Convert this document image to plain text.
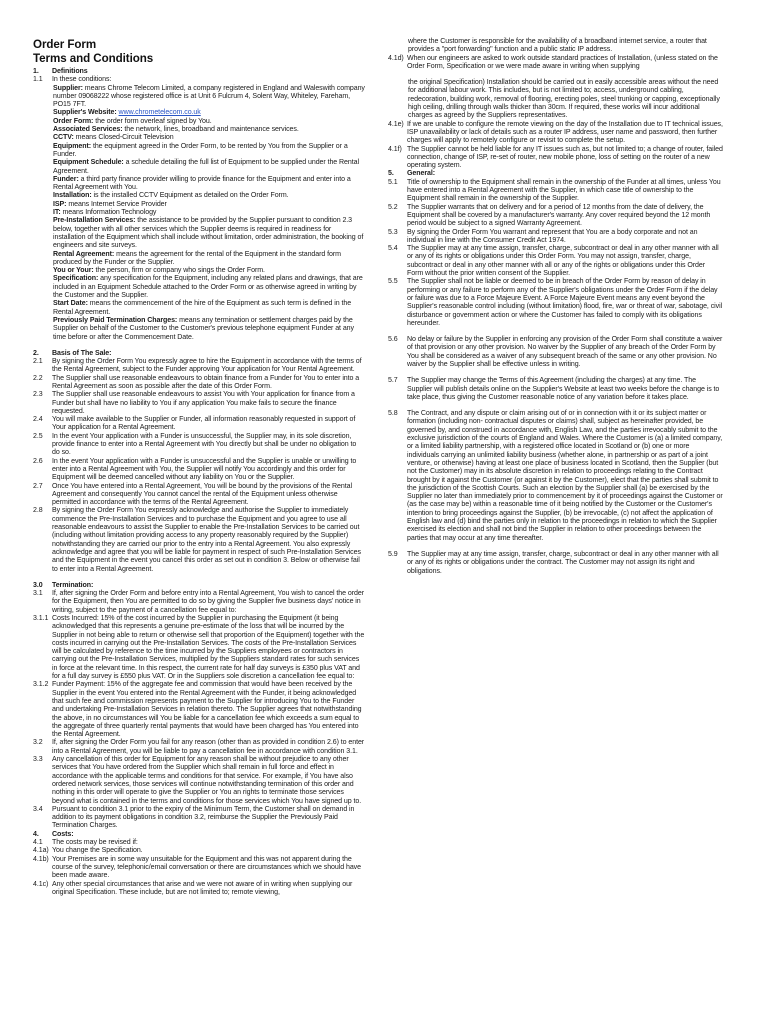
Order Form
Terms and Conditions
1.	Definitions
1.1	In these conditions:
Supplier: means Chrome Telecom Limited, a company registered in England and Waleswith company number 09068222 whose registered office is at Unit 6 Fulcrum 4, Solent Way, Whiteley, Fareham, PO15 7FT.
Supplier's Website: www.chrometelecom.co.uk
Order Form: the order form overleaf signed by You.
Associated Services: the network, lines, broadband and maintenance services.
CCTV: means Closed-Circuit Television
Equipment: the equipment agreed in the Order Form, to be rented by You from the Supplier or a Funder.
Equipment Schedule: a schedule detailing the full list of Equipment to be supplied under the Rental Agreement.
Funder: a third party finance provider willing to provide finance for the Equipment and enter into a Rental Agreement with You.
Installation: is the installed CCTV Equipment as detailed on the Order Form.
ISP: means Internet Service Provider
IT: means Information Technology
Pre-Installation Services: the assistance to be provided by the Supplier pursuant to condition 2.3 below, together with all other services which the Supplier deems is required in readiness for installation of the Equipment which shall include without limitation, order administration, the booking of engineers and site surveys.
Rental Agreement: means the agreement for the rental of the Equipment in the standard form produced by the Funder or the Supplier.
You or Your: the person, firm or company who sings the Order Form.
Specification: any specification for the Equipment, including any related plans and drawings, that are included in an Equipment Schedule attached to the Order Form or as otherwise agreed in writing by the Customer and the Supplier.
Start Date: means the commencement of the hire of the Equipment as such term is defined in the Rental Agreement.
Previously Paid Termination Charges: means any termination or settlement charges paid by the Supplier on behalf of the Customer to the Customer's previous telephone equipment Funder at any time before or after the Commencement Date.
2.	Basis of The Sale:
2.1	By signing the Order Form You expressly agree to hire the Equipment in accordance with the terms of the Rental Agreement, subject to the Funder approving Your application for Your Rental Agreement.
2.2	The Supplier shall use reasonable endeavours to obtain finance from a Funder for You to enter into a Rental Agreement as soon as possible after the date of this Order Form.
2.3	The Supplier shall use reasonable endeavours to assist You with Your application for finance from a Funder but shall have no liability to You if any application You make fails to secure the finance requested.
2.4	You will make available to the Supplier or Funder, all information reasonably requested in support of Your application for a Rental Agreement.
2.5	In the event Your application with a Funder is unsuccessful, the Supplier may, in its sole discretion, provide finance to enter into a Rental Agreement with You directly but shall be under no obligation to do so.
2.6	In the event Your application with a Funder is unsuccessful and the Supplier is unable or unwilling to enter into a Rental Agreement with You, the Supplier will notify You accordingly and this order for Equipment will be deemed cancelled without any liability on You or the Supplier.
2.7	Once You have entered into a Rental Agreement, You will be bound by the provisions of the Rental Agreement and consequently You cannot cancel the rental of the Equipment unless otherwise permitted in accordance with the terms of the Rental Agreement.
2.8	By signing the Order Form You expressly acknowledge and authorise the Supplier to immediately commence the Pre-Installation Services and to purchase the Equipment and you agree to use all reasonable endeavours to assist the Supplier to enable the Pre-Installation Services to be carried out (including without limitation providing access to any property reasonably required by the Supplier) notwithstanding they are carried our prior to the entry into a Rental Agreement. You also expressly acknowledge and agree that you will be liable for payment in respect of such Pre-Installation Services and the Equipment in the event you cancel this order as set out in condition 3. Below or otherwise fail to enter into a Rental Agreement.
3.0	Termination:
3.1	If, after signing the Order Form and before entry into a Rental Agreement, You wish to cancel the order for the Equipment, then You are permitted to do so by giving the Supplier five business days' notice in writing, subject to the payment of a cancellation fee equal to:
3.1.1 Costs Incurred: 15% of the cost incurred by the Supplier in purchasing the Equipment (it being acknowledged that this represents a genuine pre-estimate of the loss that will be incurred by the Supplier in not being able to return or otherwise sell that proportion of the Equipment) together with the costs incurred in carrying out the Pre-Installation Services. The costs of the Pre-Installation Services will be calculated by reference to the time incurred by the Suppliers employees or contractors in carrying out the Pre-Installation Services, multiplied by the Suppliers standard rates for such services in force at the relevant time. In this respect, the current rate for half day surveys is £350 plus VAT and for a full day survey is £550 plus VAT. Or in the Suppliers sole discretion a cancellation fee equal to:
3.1.2 Funder Payment: 15% of the aggregate fee and commission that would have been received by the Supplier in the event You entered into the Rental Agreement with the Funder, it being acknowledged that such fee and commission represents payment to the Supplier for introducing You to the Funder and undertaking Pre-Installation Services in relation thereto. The Supplier agrees that notwithstanding the above, in no circumstances will You be liable for a cancellation fee which exceeds a sum equal to the aggregate of three quarterly rental payments that would have been charged has You entered into the Rental Agreement.
3.2	If, after signing the Order Form you fail for any reason (other than as provided in condition 2.6) to enter into a Rental Agreement, you will be liable to pay a cancellation fee in accordance with condition 3.1.
3.3	Any cancellation of this order for Equipment for any reason shall be without prejudice to any other services that You have ordered from the Supplier which shall remain in full force and effect in accordance with the applicable terms and conditions for that service. For example, if You have also ordered network services, those services will continue notwithstanding termination of this order and nothing in this order will operate to give the Supplier or You an rights to terminate those services beyond what is contained in the terms and conditions for those services which You have signed up to.
3.4	Pursuant to condition 3.1 prior to the expiry of the Minimum Term, the Customer shall on demand in addition to its payment obligations in condition 3.2, reimburse the Supplier the Previously Paid Termination Charges.
4.	Costs:
4.1	The costs may be revised if:
4.1a) You change the Specification.
4.1b) Your Premises are in some way unsuitable for the Equipment and this was not apparent during the course of the survey, telephonic/email conversation or there are circumstances which we should have been made aware.
4.1c) Any other special circumstances that arise and we were not aware of in writing when supplying our original Specification. These include, but are not limited to; remote viewing,
where the Customer is responsible for the availability of a broadband internet service, a router that provides a "port forwarding" function and a public static IP address.
4.1d) When our engineers are asked to work outside standard practices of Installation, (unless stated on the Order Form, Specification or we were made aware in writing when supplying
the original Specification) Installation should be carried out in easily accessible areas without the need for additional labour work. This includes, but is not limited to; access, underground cabling, redecoration, building work, removal of flooring, erecting poles, steel trunking or capping, exceptionally high ceiling, drilling through walls thicker than 30cm. If required, these works will incur additional charges as agreed by the Suppliers representatives.
4.1e) If we are unable to configure the remote viewing on the day of the Installation due to IT technical issues, ISP unavailability or lack of details such as a router IP address, user name and password, then further charges will apply to remotely configure or revisit to complete the setup.
4.1f) The Supplier cannot be held liable for any IT issues such as, but not limited to; a change of router, failed connection, change of ISP, re-set of router, new mobile phone, loss of setting on the router of a new operating system.
5.	General:
5.1	Title of ownership to the Equipment shall remain in the ownership of the Funder at all times, unless You have entered into a Rental Agreement with the Supplier, in which case title of ownership to the Equipment shall remain in the ownership of the Supplier.
5.2	The Supplier warrants that on delivery and for a period of 12 months from the date of delivery, the Equipment shall be covered by a manufacturer's warranty. Any cover required beyond the 12 month period would be subject to a signed Warranty Agreement.
5.3	By signing the Order Form You warrant and represent that You are a body corporate and not an individual in line with the Consumer Credit Act 1974.
5.4	The Supplier may at any time assign, transfer, charge, subcontract or deal in any other manner with all or any of its rights or obligations under this Order Form. You may not assign, transfer, charge, subcontract or deal in any other manner with all or any of the rights or obligations under this Order Form without the prior written consent of the Supplier.
5.5	The Supplier shall not be liable or deemed to be in breach of the Order Form by reason of delay in performing or any failure to perform any of the Supplier's obligations under the Order Form if the delay or failure was due to a Force Majeure Event. A Force Majeure Event means any event beyond the Supplier's reasonable control including (without limitation) flood, fire, war or threat of war, sabotage, civil disturbance or government action or where the Customer has failed to comply with its obligations hereunder.
5.6	No delay or failure by the Supplier in enforcing any provision of the Order Form shall constitute a waiver of that provision or any other provision. No waiver by the Supplier of any breach of the Order Form by You shall be considered as a waiver of any subsequent breach of the same or any other provision. No waiver by the Supplier shall be effective unless in writing.
5.7	The Supplier may change the Terms of this Agreement (including the charges) at any time. The Supplier will publish details online on the Supplier's Website at least two weeks before the change is to take place, thus giving the Customer reasonable notice of any variation before it takes place.
5.8	The Contract, and any dispute or claim arising out of or in connection with it or its subject matter or formation (including non- contractual disputes or claims) shall, subject as hereinafter provided, be governed by, and construed in accordance with, English Law, and the parties irrevocably submit to the exclusive jurisdiction of the courts of England and Wales. Where the Customer is (a) a limited company, or a limited liability partnership, with a registered office located in Scotland or (b) one or more individuals carrying an unlimited liability business (whether alone, in partnership or as part of a joint venture, or otherwise) having at least one place of business located in Scotland, then the Supplier (but not the Customer) may in its absolute discretion in relation to proceedings relating to the Contract brought by it against the Customer (or against it by the Customer), elect that the parties shall submit to the jurisdiction of the Scottish Courts. Such an election by the Supplier shall (a) be exercised by the Supplier no later than immediately prior to commencement by it of proceedings against the Customer or (as the case may be) within a reasonable time of it being notified by the Customer or the Customer's intention to bring proceedings against the Supplier, (b) be irrevocable, (c) not affect the application of English law and (d) bind the parties only in relation to the proceedings in relation to which the Supplier exercised its election and shall not bind the Supplier in relation to other proceedings between the parties that may occur at any time thereafter.
5.9	The Supplier may at any time assign, transfer, charge, subcontract or deal in any other manner with all or any of its rights or obligations under the contract. The Customer may not assign its right and obligations.
